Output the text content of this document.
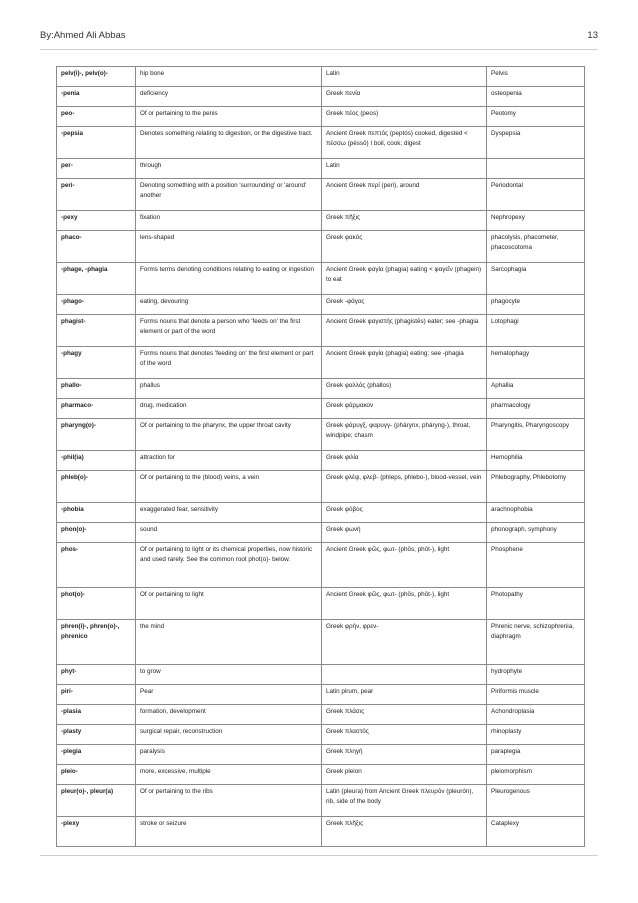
By:Ahmed Ali Abbas	13
pelv(i)-, pelv(o)-	hip bone	Latin	Pelvis
-penia	deficiency	Greek πενία	osteopenia
peo-	Of or pertaining to the penis	Greek πέος (peos)	Peotomy
-pepsia	Denotes something relating to digestion, or the digestive tract.	Ancient Greek πεπτός (peptós) cooked, digested < πέσσω (péssō) I boil, cook; digest	Dyspepsia
per-	through	Latin	
peri-	Denoting something with a position 'surrounding' or 'around' another	Ancient Greek περί (peri), around	Periodontal
-pexy	fixation	Greek πῆξις	Nephropexy
phaco-	lens-shaped	Greek φακός	phacolysis, phacometer, phacoscotoma
-phage, -phagia	Forms terms denoting conditions relating to eating or ingestion	Ancient Greek φαγία (phagia) eating < φαγεῖν (phagein) to eat	Sarcophagia
-phago-	eating, devouring	Greek -φάγος	phagocyte
phagist-	Forms nouns that denote a person who 'feeds on' the first element or part of the word	Ancient Greek φαγιστής (phagistēs) eater; see -phagia	Lotophagi
-phagy	Forms nouns that denotes 'feeding on' the first element or part of the word	Ancient Greek φαγία (phagia) eating; see -phagia	hematophagy
phallo-	phallus	Greek φαλλός (phallos)	Aphallia
pharmaco-	drug, medication	Greek φάρμακον	pharmacology
pharyng(o)-	Of or pertaining to the pharynx, the upper throat cavity	Greek φάρυγξ, φαρυγγ- (phárynx, pháryng-), throat, windpipe; chasm	Pharyngitis, Pharyngoscopy
-phil(ia)	attraction for	Greek φιλία	Hemophilia
phleb(o)-	Of or pertaining to the (blood) veins, a vein	Greek φλέψ, φλεβ- (phleps, phlebo-), blood-vessel, vein	Phlebography, Phlebotomy
-phobia	exaggerated fear, sensitivity	Greek φόβος	arachnophobia
phon(o)-	sound	Greek φωνή	phonograph, symphony
phos-	Of or pertaining to light or its chemical properties, now historic and used rarely. See the common root phot(o)- below.	Ancient Greek φῶς, φωτ- (phōs, phōt-), light	Phosphene
phot(o)-	Of or pertaining to light	Ancient Greek φῶς, φωτ- (phōs, phōt-), light	Photopathy
phren(i)-, phren(o)-, phrenico	the mind	Greek φρήν, φρεν-	Phrenic nerve, schizophrenia, diaphragm
phyt-	to grow		hydrophyte
piri-	Pear	Latin pirum, pear	Piriformis muscle
-plasia	formation, development	Greek πλάσις	Achondroplasia
-plasty	surgical repair, reconstruction	Greek πλαστός	rhinoplasty
-plegia	paralysis	Greek πληγή	paraplegia
pleio-	more, excessive, multiple	Greek pleion	pleiomorphism
pleur(o)-, pleur(a)	Of or pertaining to the ribs	Latin (pleura) from Ancient Greek πλευρόν (pleurón), rib, side of the body	Pleurogenous
-plexy	stroke or seizure	Greek πλῆξις	Cataplexy
